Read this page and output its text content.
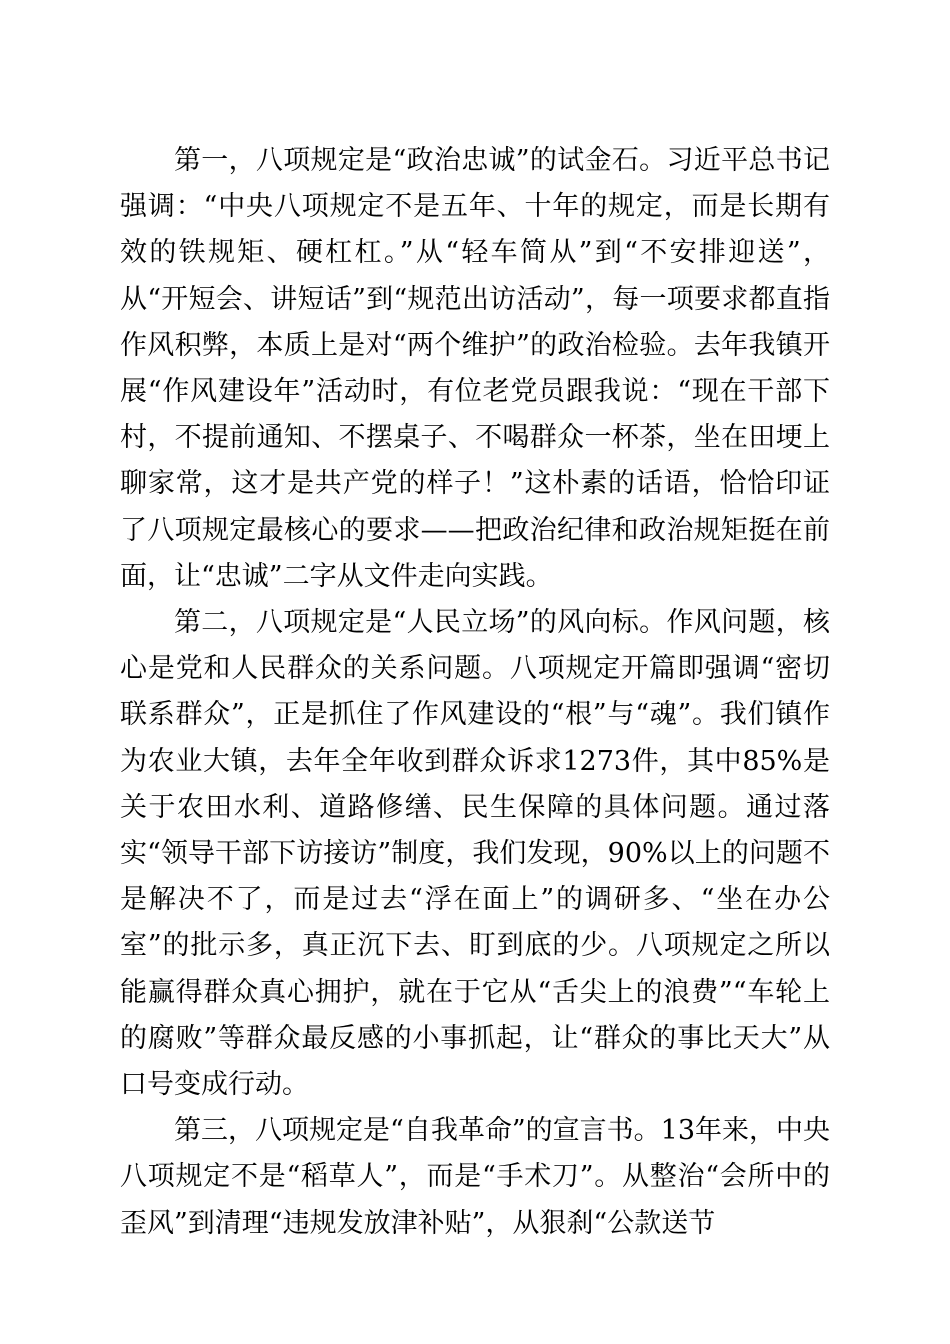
第一，八项规定是“政治忠诚”的试金石。习近平总书记强调：“中央八项规定不是五年、十年的规定，而是长期有效的铁规矩、硬杠杠。”从“轻车简从”到“不安排迎送”，从“开短会、讲短话”到“规范出访活动”，每一项要求都直指作风积弊，本质上是对“两个维护”的政治检验。去年我镇开展“作风建设年”活动时，有位老党员跟我说：“现在干部下村，不提前通知、不摆桌子、不喝群众一杯茶，坐在田埂上聊家常，这才是共产党的样子！”这朴素的话语，恰恰印证了八项规定最核心的要求——把政治纪律和政治规矩挺在前面，让“忠诚”二字从文件走向实践。

第二，八项规定是“人民立场”的风向标。作风问题，核心是党和人民群众的关系问题。八项规定开篇即强调“密切联系群众”，正是抓住了作风建设的“根”与“魂”。我们镇作为农业大镇，去年全年收到群众诉求1273件，其中85%是关于农田水利、道路修缮、民生保障的具体问题。通过落实“领导干部下访接访”制度，我们发现，90%以上的问题不是解决不了，而是过去“浮在面上”的调研多、“坐在办公室”的批示多，真正沉下去、盯到底的少。八项规定之所以能赢得群众真心拥护，就在于它从“舌尖上的浪费”“车轮上的腐败”等群众最反感的小事抓起，让“群众的事比天大”从口号变成行动。

第三，八项规定是“自我革命”的宣言书。13年来，中央八项规定不是“稻草人”，而是“手术刀”。从整治“会所中的歪风”到清理“违规发放津补贴”，从狠刹“公款送节
